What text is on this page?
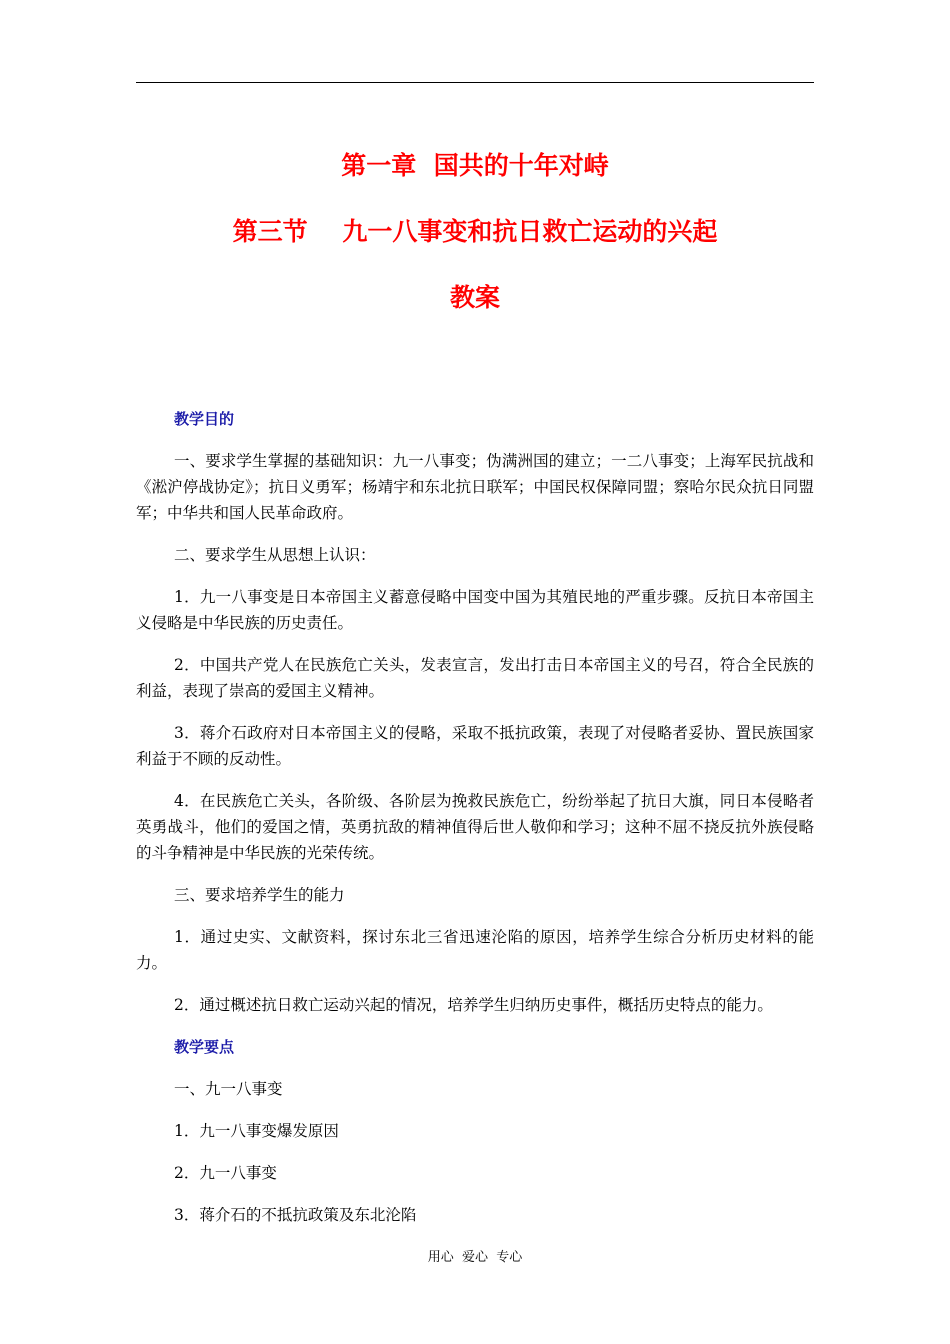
第一章  国共的十年对峙
第三节    九一八事变和抗日救亡运动的兴起
教案
教学目的
一、要求学生掌握的基础知识：九一八事变；伪满洲国的建立；一二八事变；上海军民抗战和《淞沪停战协定》；抗日义勇军；杨靖宇和东北抗日联军；中国民权保障同盟；察哈尔民众抗日同盟军；中华共和国人民革命政府。
二、要求学生从思想上认识：
1．九一八事变是日本帝国主义蓄意侵略中国变中国为其殖民地的严重步骤。反抗日本帝国主义侵略是中华民族的历史责任。
2．中国共产党人在民族危亡关头，发表宣言，发出打击日本帝国主义的号召，符合全民族的利益，表现了崇高的爱国主义精神。
3．蒋介石政府对日本帝国主义的侵略，采取不抵抗政策，表现了对侵略者妥协、置民族国家利益于不顾的反动性。
4．在民族危亡关头，各阶级、各阶层为挽救民族危亡，纷纷举起了抗日大旗，同日本侵略者英勇战斗，他们的爱国之情，英勇抗敌的精神值得后世人敬仰和学习；这种不屈不挠反抗外族侵略的斗争精神是中华民族的光荣传统。
三、要求培养学生的能力
1．通过史实、文献资料，探讨东北三省迅速沦陷的原因，培养学生综合分析历史材料的能力。
2．通过概述抗日救亡运动兴起的情况，培养学生归纳历史事件，概括历史特点的能力。
教学要点
一、九一八事变
1．九一八事变爆发原因
2．九一八事变
3．蒋介石的不抵抗政策及东北沦陷
用心  爱心  专心
